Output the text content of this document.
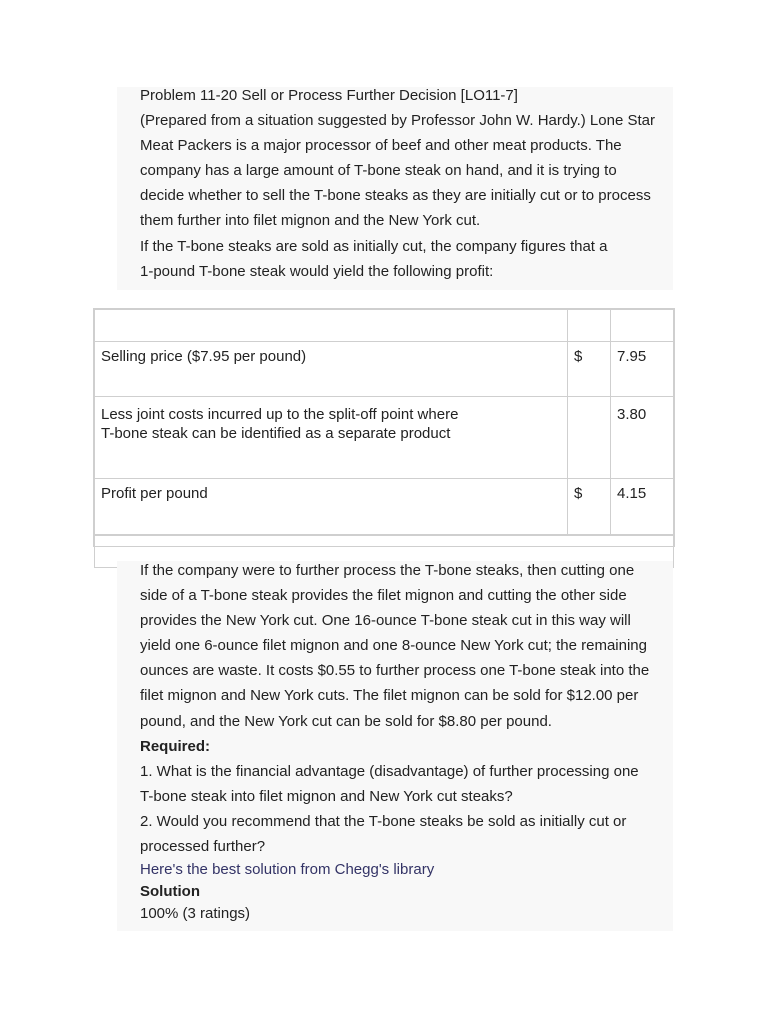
Problem 11-20 Sell or Process Further Decision [LO11-7]
(Prepared from a situation suggested by Professor John W. Hardy.) Lone Star
Meat Packers is a major processor of beef and other meat products. The
company has a large amount of T-bone steak on hand, and it is trying to
decide whether to sell the T-bone steaks as they are initially cut or to process
them further into filet mignon and the New York cut.
If the T-bone steaks are sold as initially cut, the company figures that a
1-pound T-bone steak would yield the following profit:

Selling price ($7.95 per pound)	$	7.95
Less joint costs incurred up to the split-off point where
T-bone steak can be identified as a separate product		3.80
Profit per pound	$	4.15

If the company were to further process the T-bone steaks, then cutting one
side of a T-bone steak provides the filet mignon and cutting the other side
provides the New York cut. One 16-ounce T-bone steak cut in this way will
yield one 6-ounce filet mignon and one 8-ounce New York cut; the remaining
ounces are waste. It costs $0.55 to further process one T-bone steak into the
filet mignon and New York cuts. The filet mignon can be sold for $12.00 per
pound, and the New York cut can be sold for $8.80 per pound.
Required:
1. What is the financial advantage (disadvantage) of further processing one
T-bone steak into filet mignon and New York cut steaks?
2. Would you recommend that the T-bone steaks be sold as initially cut or
processed further?
Here's the best solution from Chegg's library
Solution
100% (3 ratings)
